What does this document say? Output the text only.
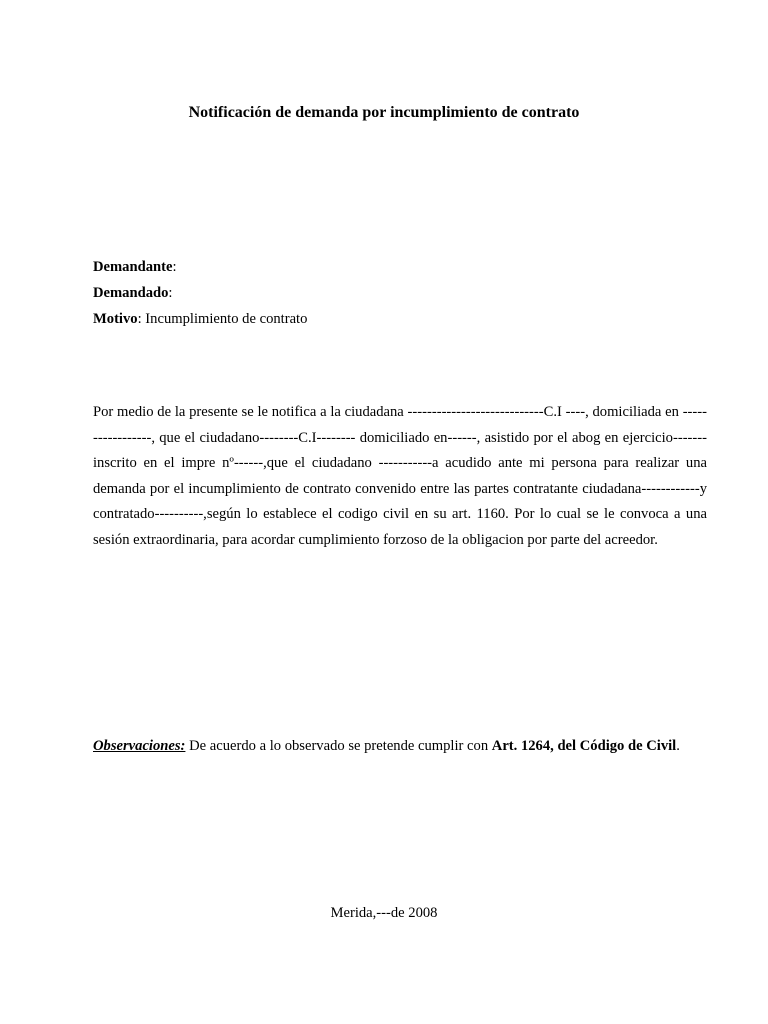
Notificación de demanda por incumplimiento de contrato
Demandante:
Demandado:
Motivo: Incumplimiento de contrato
Por medio de la presente se le notifica a la ciudadana ----------------------------C.I ----, domiciliada en -----------------, que el ciudadano--------C.I-------- domiciliado en------, asistido por el abog en ejercicio-------inscrito en el impre nº------,que el ciudadano -----------a acudido ante mi persona para realizar una demanda por el incumplimiento de contrato convenido entre las partes contratante ciudadana------------y contratado----------,según lo establece el codigo civil en su art. 1160. Por lo cual se le convoca a una sesión extraordinaria, para acordar cumplimiento forzoso de la obligacion por parte del acreedor.
Observaciones: De acuerdo a lo observado se pretende cumplir con Art. 1264, del Código de Civil.
Merida,---de 2008
